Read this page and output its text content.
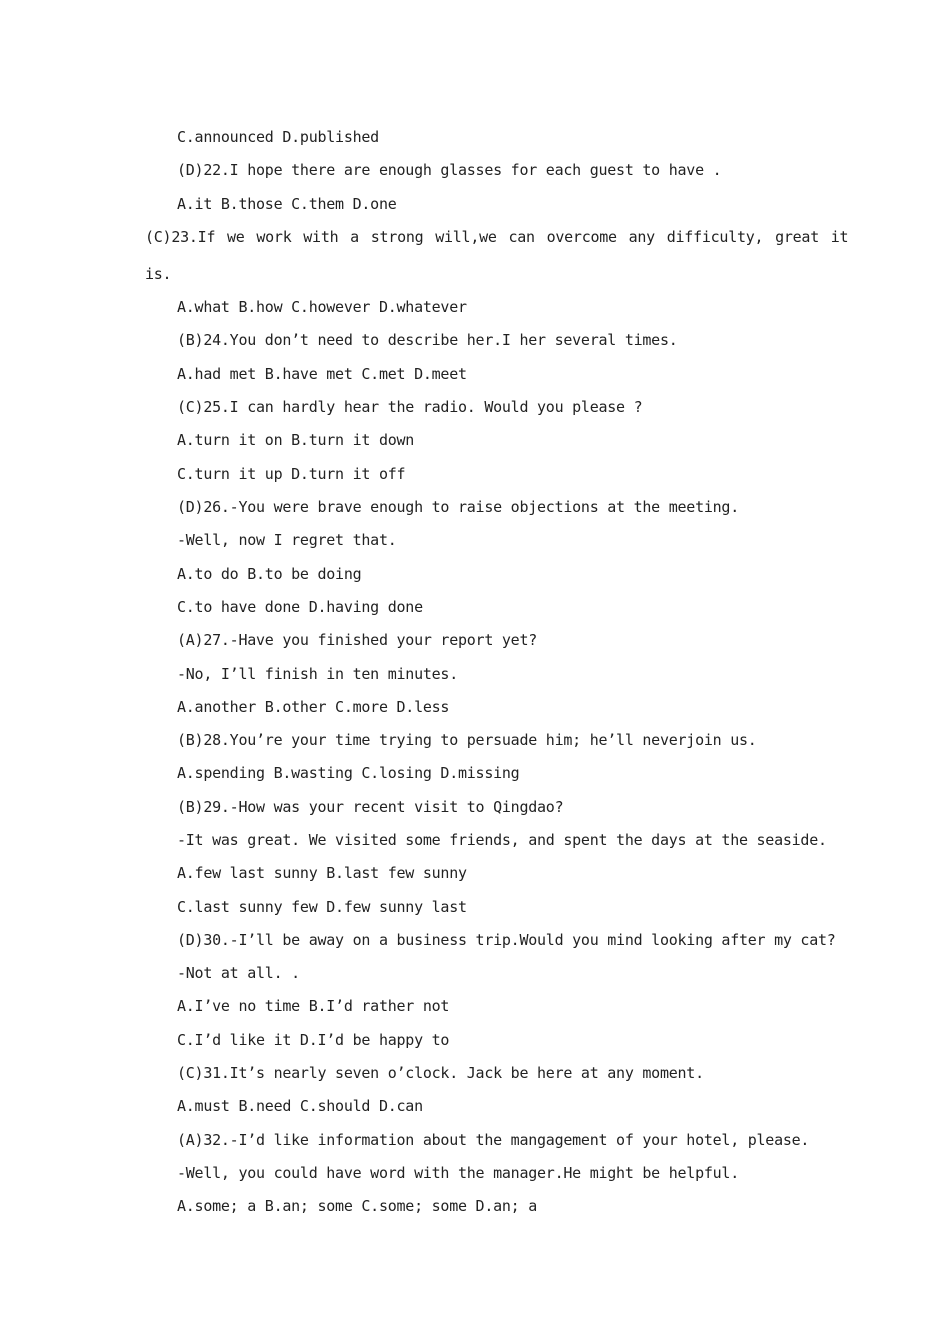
C.announced D.published
(D)22.I hope there are enough glasses for each guest to have .
A.it B.those C.them D.one
(C)23.If we work with a strong will,we can overcome any difficulty, great it
is.
A.what B.how C.however D.whatever
(B)24.You don’t need to describe her.I her several times.
A.had met B.have met C.met D.meet
(C)25.I can hardly hear the radio. Would you please ?
A.turn it on B.turn it down
C.turn it up D.turn it off
(D)26.-You were brave enough to raise objections at the meeting.
-Well, now I regret that.
A.to do B.to be doing
C.to have done D.having done
(A)27.-Have you finished your report yet?
-No, I’ll finish in ten minutes.
A.another B.other C.more D.less
(B)28.You’re your time trying to persuade him; he’ll neverjoin us.
A.spending B.wasting C.losing D.missing
(B)29.-How was your recent visit to Qingdao?
-It was great. We visited some friends, and spent the days at the seaside.
A.few last sunny B.last few sunny
C.last sunny few D.few sunny last
(D)30.-I’ll be away on a business trip.Would you mind looking after my cat?
-Not at all. .
A.I’ve no time B.I’d rather not
C.I’d like it D.I’d be happy to
(C)31.It’s nearly seven o’clock. Jack be here at any moment.
A.must B.need C.should D.can
(A)32.-I’d like information about the mangagement of your hotel, please.
-Well, you could have word with the manager.He might be helpful.
A.some; a B.an; some C.some; some D.an; a
